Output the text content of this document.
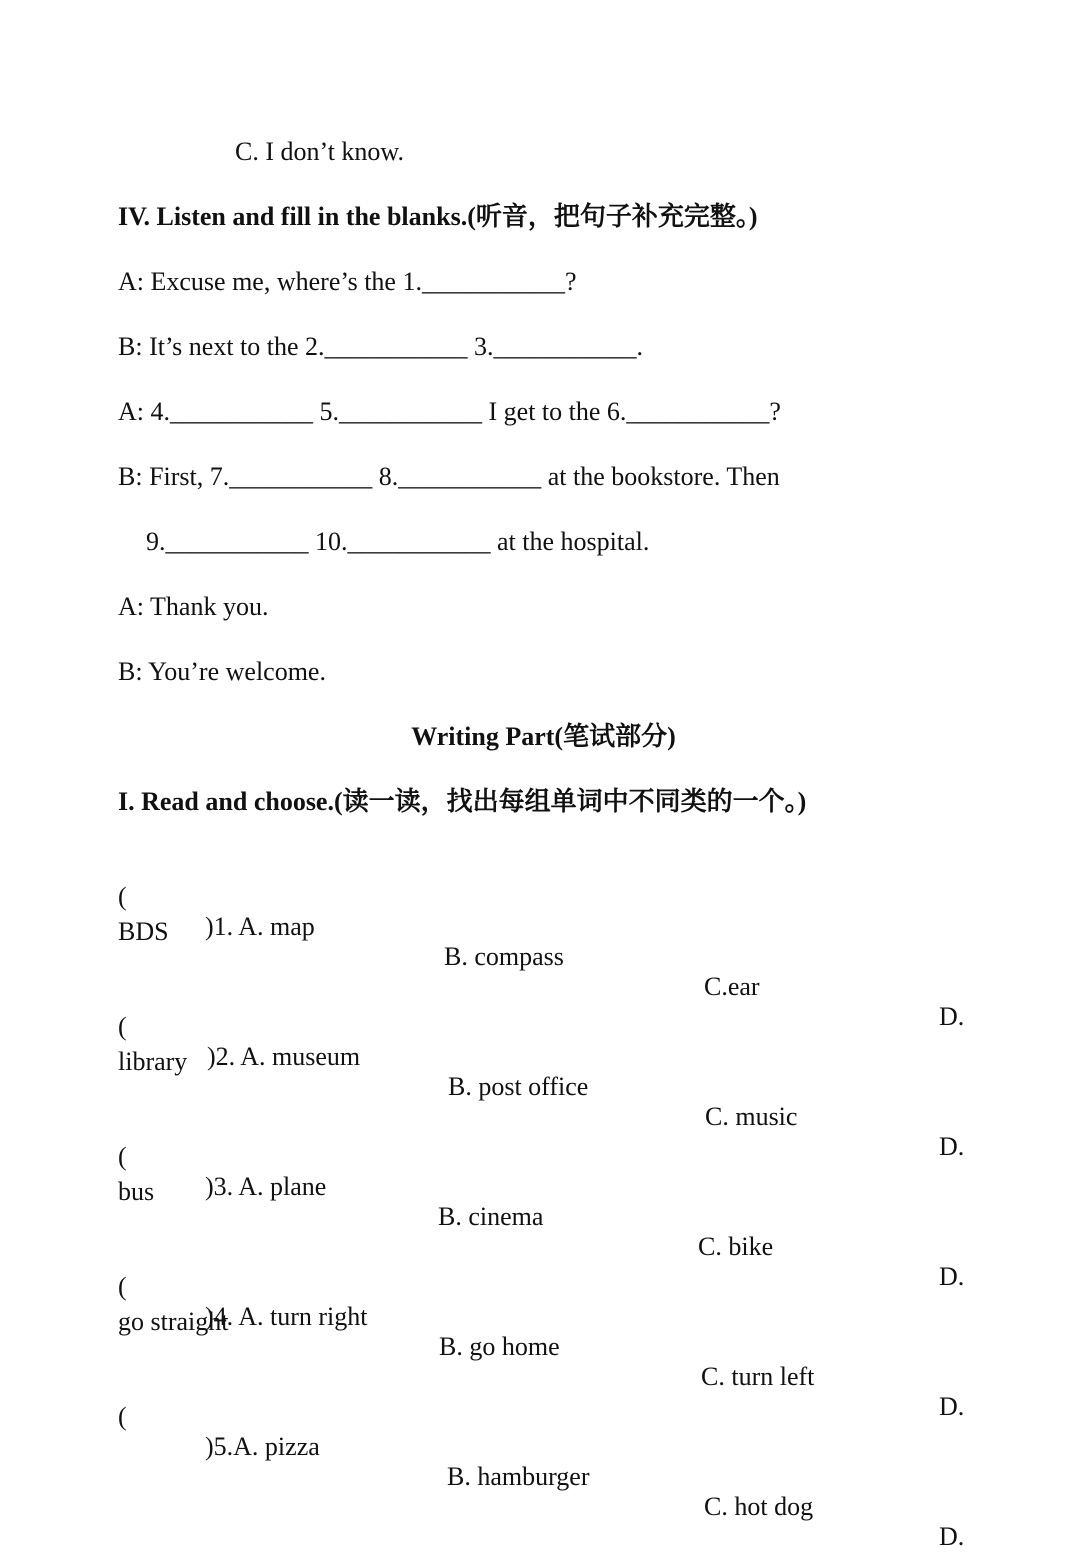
C. I don’t know.
IV. Listen and fill in the blanks.(听音，把句子补充完整。)
A: Excuse me, where’s the 1.___________?
B: It’s next to the 2.___________ 3.___________.
A: 4.___________ 5.___________ I get to the 6.___________?
B: First, 7.___________ 8.___________ at the bookstore. Then
9.___________ 10.___________ at the hospital.
A: Thank you.
B: You’re welcome.
Writing Part(笔试部分)
I. Read and choose.(读一读，找出每组单词中不同类的一个。)

(

)1. A. map

B. compass

C.ear

D.

BDS

(

)2. A. museum

B. post office

C. music

D.

library

(

)3. A. plane

B. cinema

C. bike

D.

bus

(

)4. A. turn right

B. go home

C. turn left

D.

go straight

(

)5.A. pizza

B. hamburger

C. hot dog

D.
